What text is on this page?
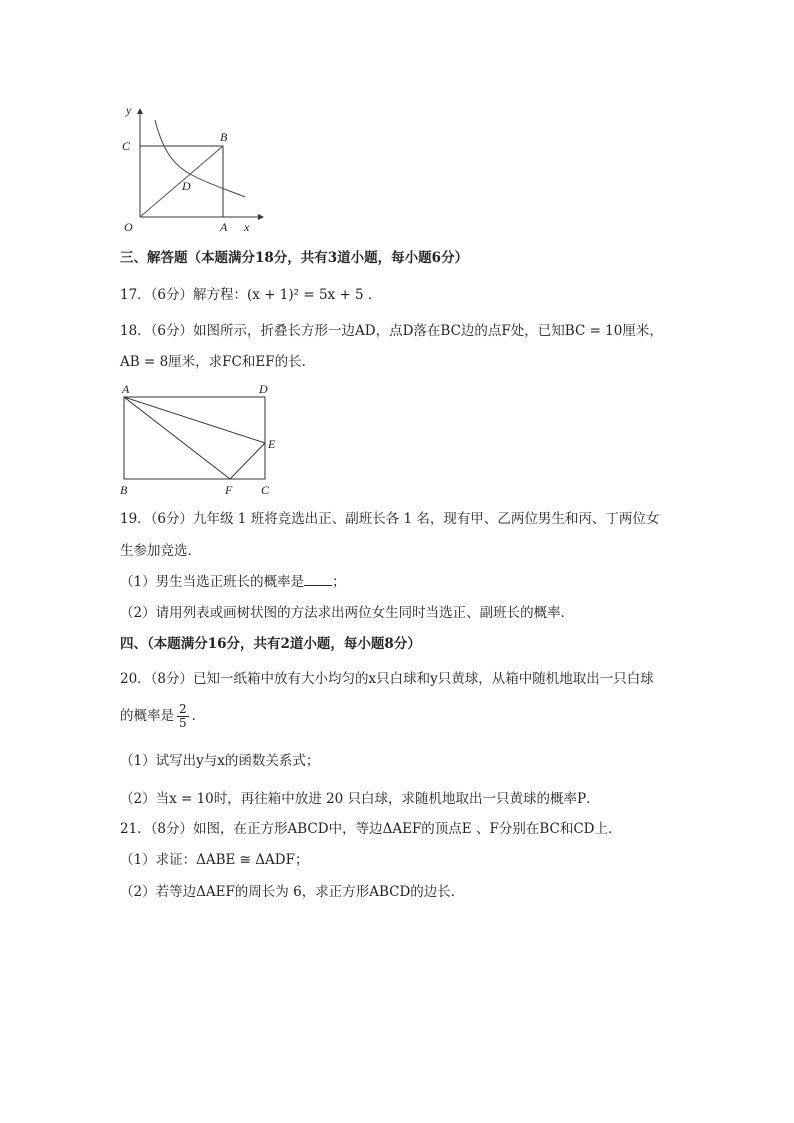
y
C
B
D
O	A x
三、解答题（本题满分18分，共有3道小题，每小题6分）
17．（6分）解方程：(x + 1)² = 5x + 5 ．
18．（6分）如图所示，折叠长方形一边AD，点D落在BC边的点F处，已知BC = 10厘米，
AB = 8厘米，求FC和EF的长．
A	D
E
B	F C
19．（6分）九年级 1 班将竞选出正、副班长各 1 名，现有甲、乙两位男生和丙、丁两位女
生参加竞选．
（1）男生当选正班长的概率是 ；
（2）请用列表或画树状图的方法求出两位女生同时当选正、副班长的概率．
四、（本题满分16分，共有2道小题，每小题8分）
20．（8分）已知一纸箱中放有大小均匀的x只白球和y只黄球，从箱中随机地取出一只白球
的概率是 $\frac{2}{5}$ ．
（1）试写出y与x的函数关系式；
（2）当x = 10时，再往箱中放进 20 只白球，求随机地取出一只黄球的概率P．
21．（8分）如图，在正方形ABCD中，等边ΔAEF的顶点E 、F分别在BC和CD上．
（1）求证：ΔABE ≅ ΔADF；
（2）若等边ΔAEF的周长为 6，求正方形ABCD的边长．
